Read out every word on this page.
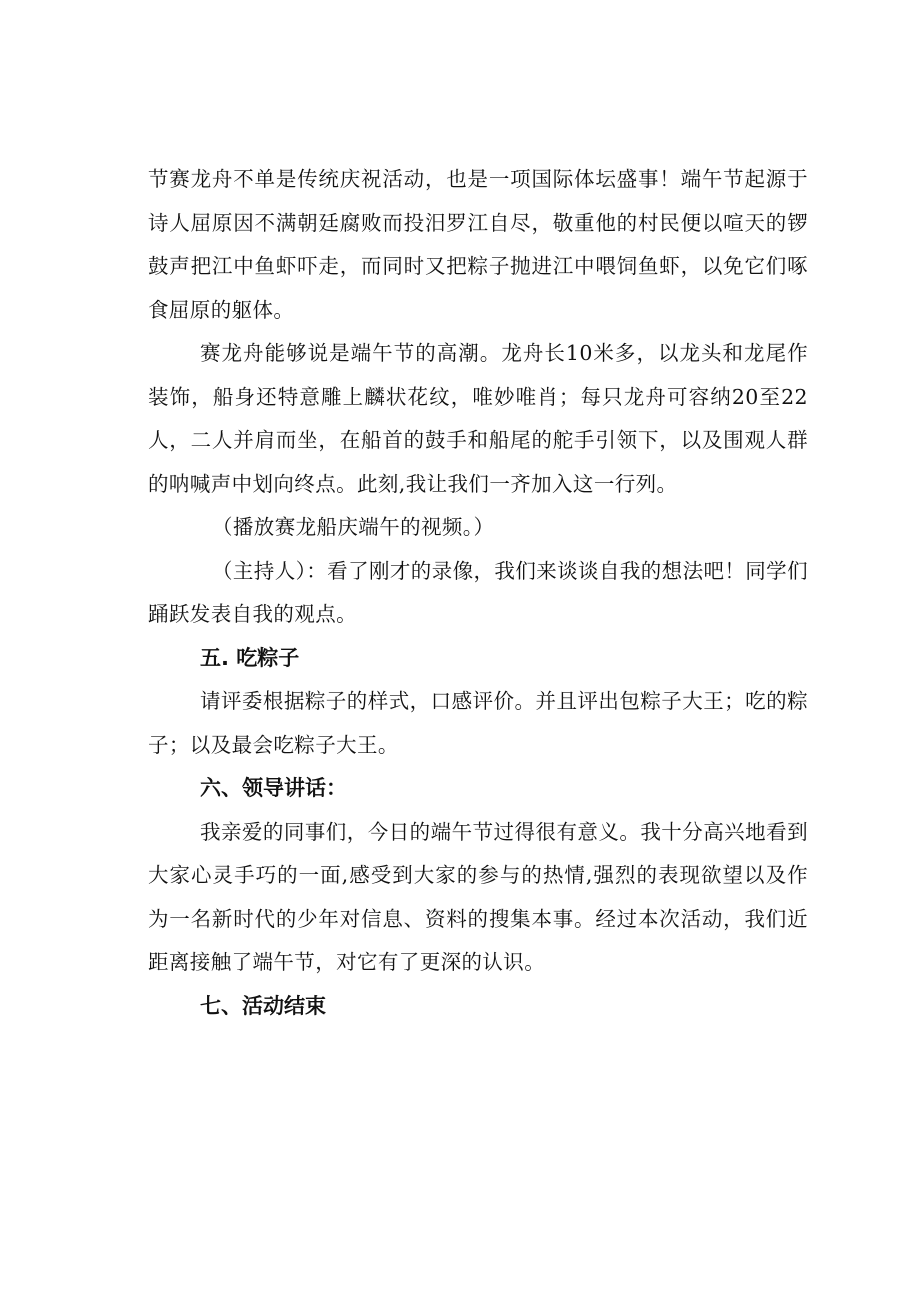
节赛龙舟不单是传统庆祝活动，也是一项国际体坛盛事！端午节起源于诗人屈原因不满朝廷腐败而投汨罗江自尽，敬重他的村民便以喧天的锣鼓声把江中鱼虾吓走，而同时又把粽子抛进江中喂饲鱼虾，以免它们啄食屈原的躯体。

赛龙舟能够说是端午节的高潮。龙舟长10米多，以龙头和龙尾作装饰，船身还特意雕上麟状花纹，唯妙唯肖；每只龙舟可容纳20至22人，二人并肩而坐，在船首的鼓手和船尾的舵手引领下，以及围观人群的呐喊声中划向终点。此刻,我让我们一齐加入这一行列。

（播放赛龙船庆端午的视频。）

（主持人）：看了刚才的录像，我们来谈谈自我的想法吧！同学们踊跃发表自我的观点。

五. 吃粽子

请评委根据粽子的样式，口感评价。并且评出包粽子大王；吃的粽子；以及最会吃粽子大王。

六、领导讲话：

我亲爱的同事们，今日的端午节过得很有意义。我十分高兴地看到大家心灵手巧的一面,感受到大家的参与的热情,强烈的表现欲望以及作为一名新时代的少年对信息、资料的搜集本事。经过本次活动，我们近距离接触了端午节，对它有了更深的认识。

七、活动结束
